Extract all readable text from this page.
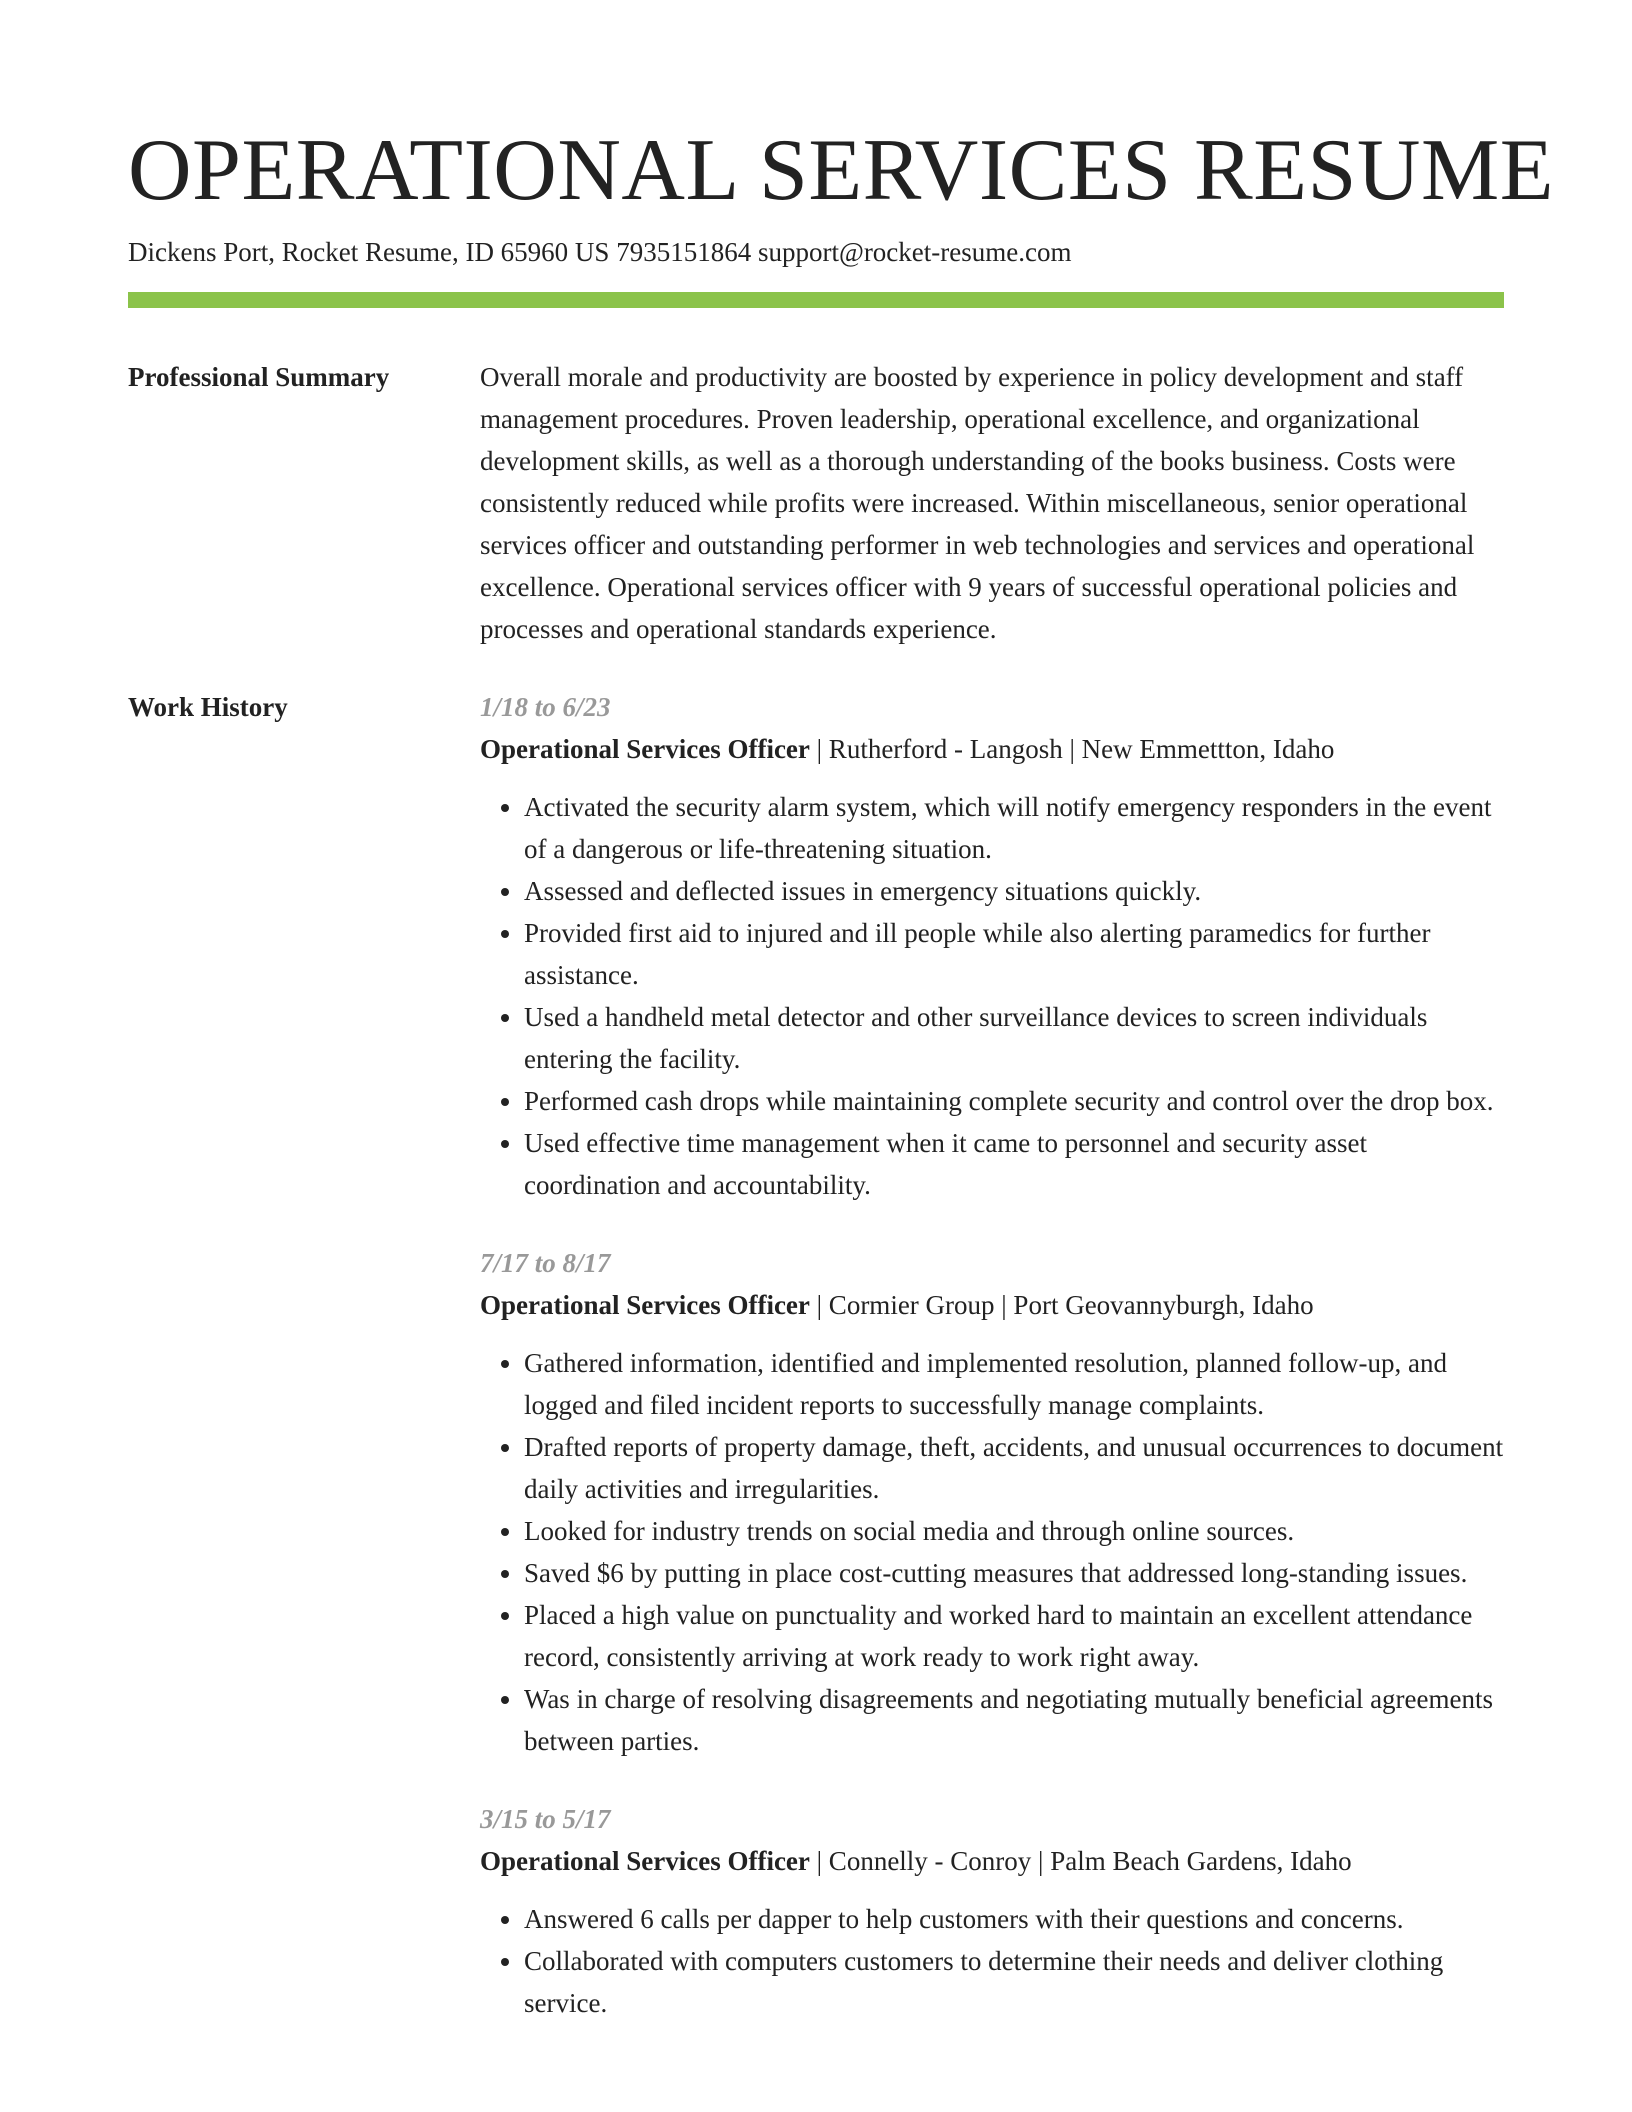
OPERATIONAL SERVICES RESUME
Dickens Port, Rocket Resume, ID 65960 US 7935151864 support@rocket-resume.com
Professional Summary	Overall morale and productivity are boosted by experience in policy development and staff management procedures. Proven leadership, operational excellence, and organizational development skills, as well as a thorough understanding of the books business. Costs were consistently reduced while profits were increased. Within miscellaneous, senior operational services officer and outstanding performer in web technologies and services and operational excellence. Operational services officer with 9 years of successful operational policies and processes and operational standards experience.

Work History	1/18 to 6/23
Operational Services Officer | Rutherford - Langosh | New Emmettton, Idaho
• Activated the security alarm system, which will notify emergency responders in the event of a dangerous or life-threatening situation.
• Assessed and deflected issues in emergency situations quickly.
• Provided first aid to injured and ill people while also alerting paramedics for further assistance.
• Used a handheld metal detector and other surveillance devices to screen individuals entering the facility.
• Performed cash drops while maintaining complete security and control over the drop box.
• Used effective time management when it came to personnel and security asset coordination and accountability.
7/17 to 8/17
Operational Services Officer | Cormier Group | Port Geovannyburgh, Idaho
• Gathered information, identified and implemented resolution, planned follow-up, and logged and filed incident reports to successfully manage complaints.
• Drafted reports of property damage, theft, accidents, and unusual occurrences to document daily activities and irregularities.
• Looked for industry trends on social media and through online sources.
• Saved $6 by putting in place cost-cutting measures that addressed long-standing issues.
• Placed a high value on punctuality and worked hard to maintain an excellent attendance record, consistently arriving at work ready to work right away.
• Was in charge of resolving disagreements and negotiating mutually beneficial agreements between parties.
3/15 to 5/17
Operational Services Officer | Connelly - Conroy | Palm Beach Gardens, Idaho
• Answered 6 calls per dapper to help customers with their questions and concerns.
• Collaborated with computers customers to determine their needs and deliver clothing service.
